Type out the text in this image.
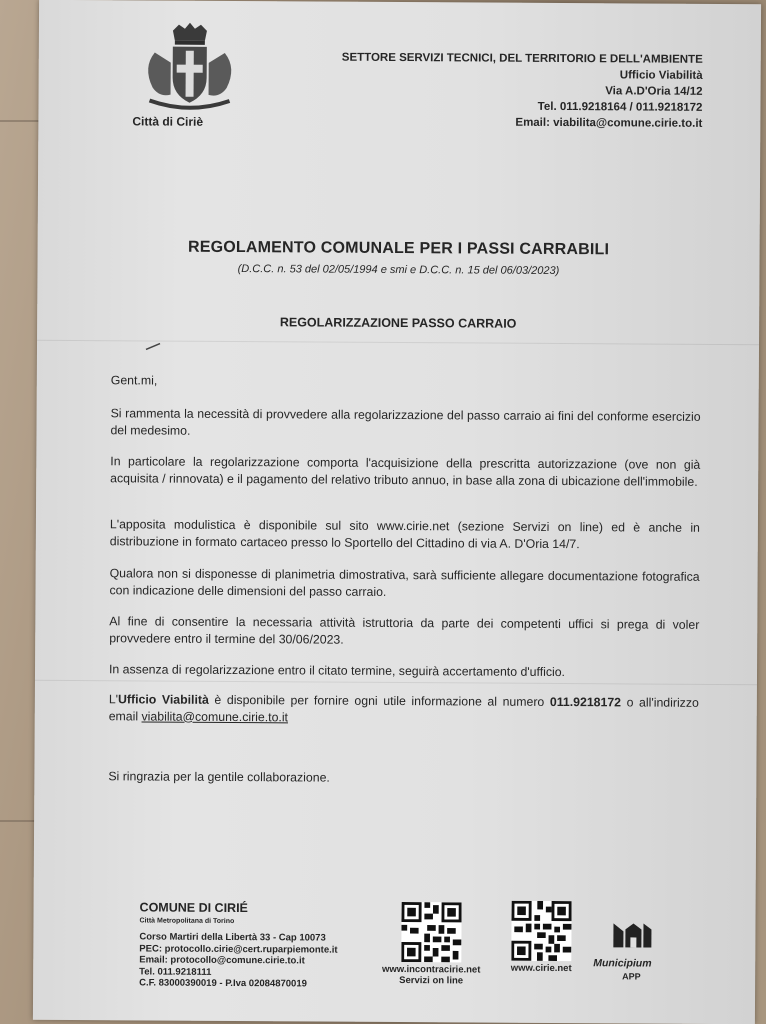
Città di Ciriè
SETTORE SERVIZI TECNICI, DEL TERRITORIO E DELL'AMBIENTE
Ufficio Viabilità
Via A.D'Oria 14/12
Tel. 011.9218164 / 011.9218172
Email: viabilita@comune.cirie.to.it
REGOLAMENTO COMUNALE PER I PASSI CARRABILI
(D.C.C. n. 53 del 02/05/1994 e smi e D.C.C. n. 15 del 06/03/2023)
REGOLARIZZAZIONE PASSO CARRAIO
Gent.mi,
Si rammenta la necessità di provvedere alla regolarizzazione del passo carraio ai fini del conforme esercizio del medesimo.
In particolare la regolarizzazione comporta l'acquisizione della prescritta autorizzazione (ove non già acquisita / rinnovata) e il pagamento del relativo tributo annuo, in base alla zona di ubicazione dell'immobile.
L'apposita modulistica è disponibile sul sito www.cirie.net (sezione Servizi on line) ed è anche in distribuzione in formato cartaceo presso lo Sportello del Cittadino di via A. D'Oria 14/7.
Qualora non si disponesse di planimetria dimostrativa, sarà sufficiente allegare documentazione fotografica con indicazione delle dimensioni del passo carraio.
Al fine di consentire la necessaria attività istruttoria da parte dei competenti uffici si prega di voler provvedere entro il termine del 30/06/2023.
In assenza di regolarizzazione entro il citato termine, seguirà accertamento d'ufficio.
L'Ufficio Viabilità è disponibile per fornire ogni utile informazione al numero 011.9218172 o all'indirizzo email viabilita@comune.cirie.to.it
Si ringrazia per la gentile collaborazione.
COMUNE DI CIRIÉ
Città Metropolitana di Torino
Corso Martiri della Libertà 33 - Cap 10073
PEC: protocollo.cirie@cert.ruparpiemonte.it
Email: protocollo@comune.cirie.to.it
Tel. 011.9218111
C.F. 83000390019 - P.Iva 02084870019
www.incontracirie.net
Servizi on line
www.cirie.net	Municipium
APP
